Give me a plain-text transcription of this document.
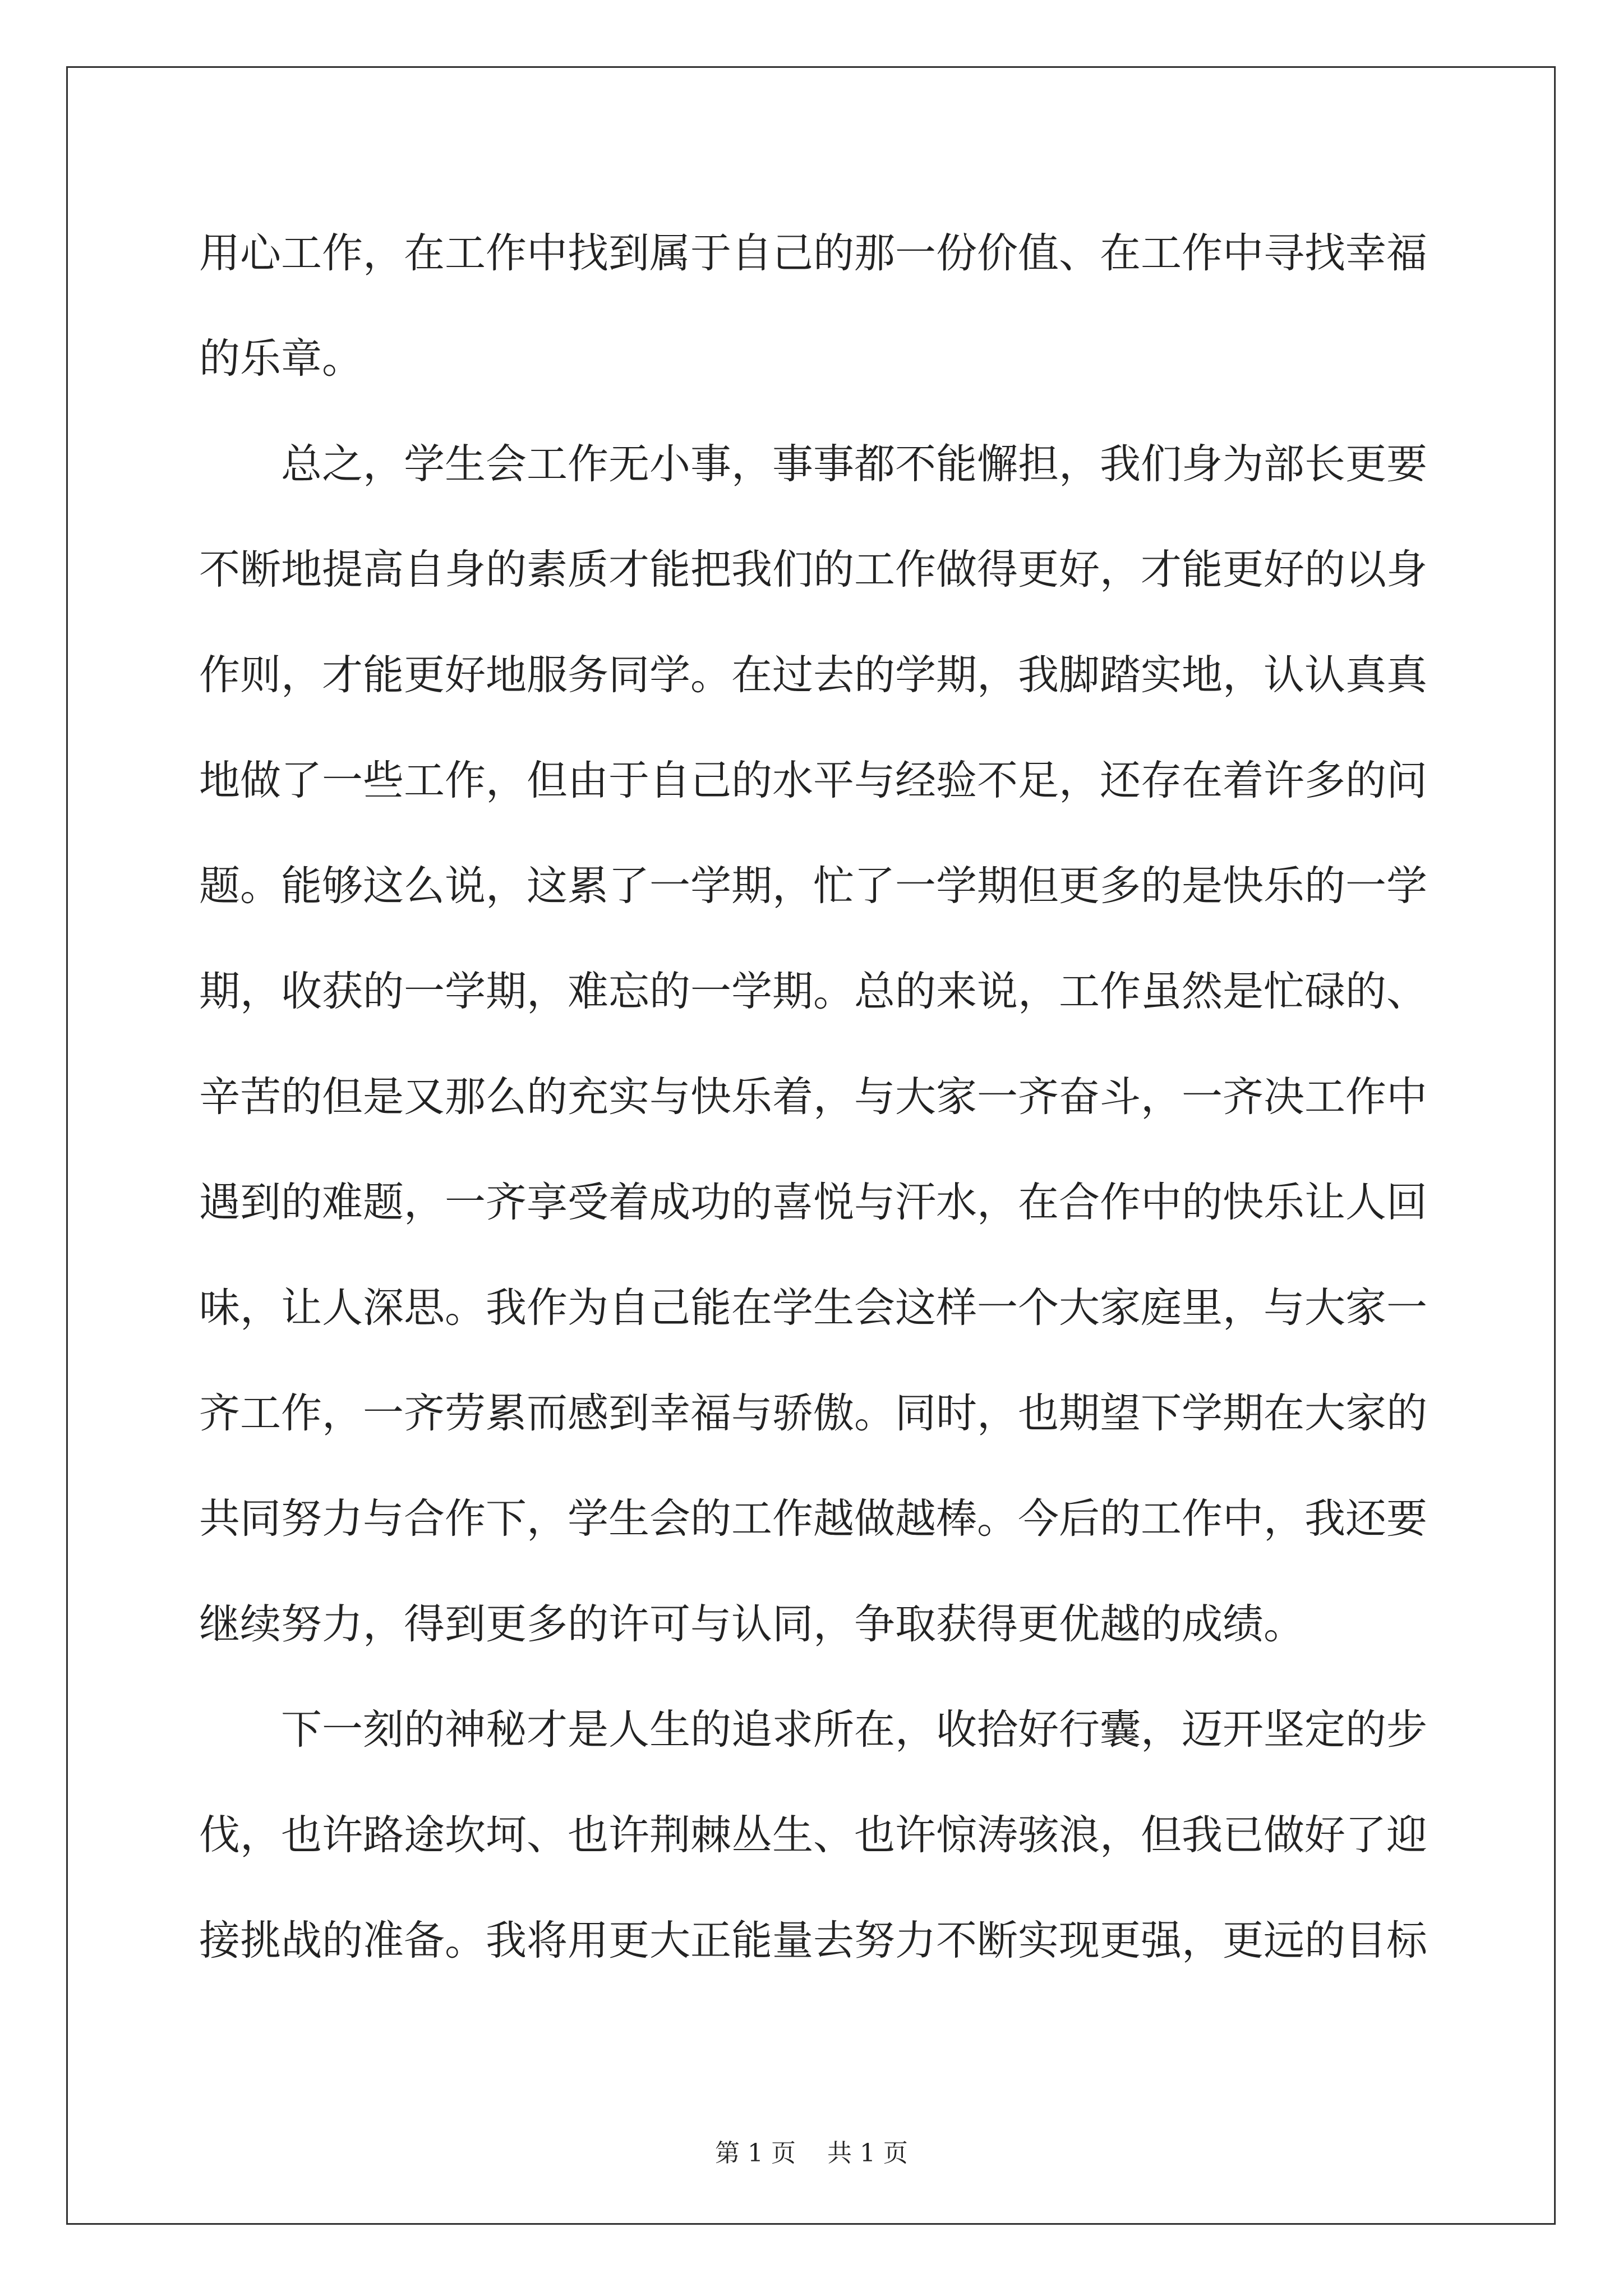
用心工作，在工作中找到属于自己的那一份价值、在工作中寻找幸福
的乐章。
总之，学生会工作无小事，事事都不能懈担，我们身为部长更要
不断地提高自身的素质才能把我们的工作做得更好，才能更好的以身
作则，才能更好地服务同学。在过去的学期，我脚踏实地，认认真真
地做了一些工作，但由于自己的水平与经验不足，还存在着许多的问
题。能够这么说，这累了一学期，忙了一学期但更多的是快乐的一学
期，收获的一学期，难忘的一学期。总的来说，工作虽然是忙碌的、
辛苦的但是又那么的充实与快乐着，与大家一齐奋斗，一齐决工作中
遇到的难题，一齐享受着成功的喜悦与汗水，在合作中的快乐让人回
味，让人深思。我作为自己能在学生会这样一个大家庭里，与大家一
齐工作，一齐劳累而感到幸福与骄傲。同时，也期望下学期在大家的
共同努力与合作下，学生会的工作越做越棒。今后的工作中，我还要
继续努力，得到更多的许可与认同，争取获得更优越的成绩。
下一刻的神秘才是人生的追求所在，收拾好行囊，迈开坚定的步
伐，也许路途坎坷、也许荆棘丛生、也许惊涛骇浪，但我已做好了迎
接挑战的准备。我将用更大正能量去努力不断实现更强，更远的目标
第 1 页    共 1 页
